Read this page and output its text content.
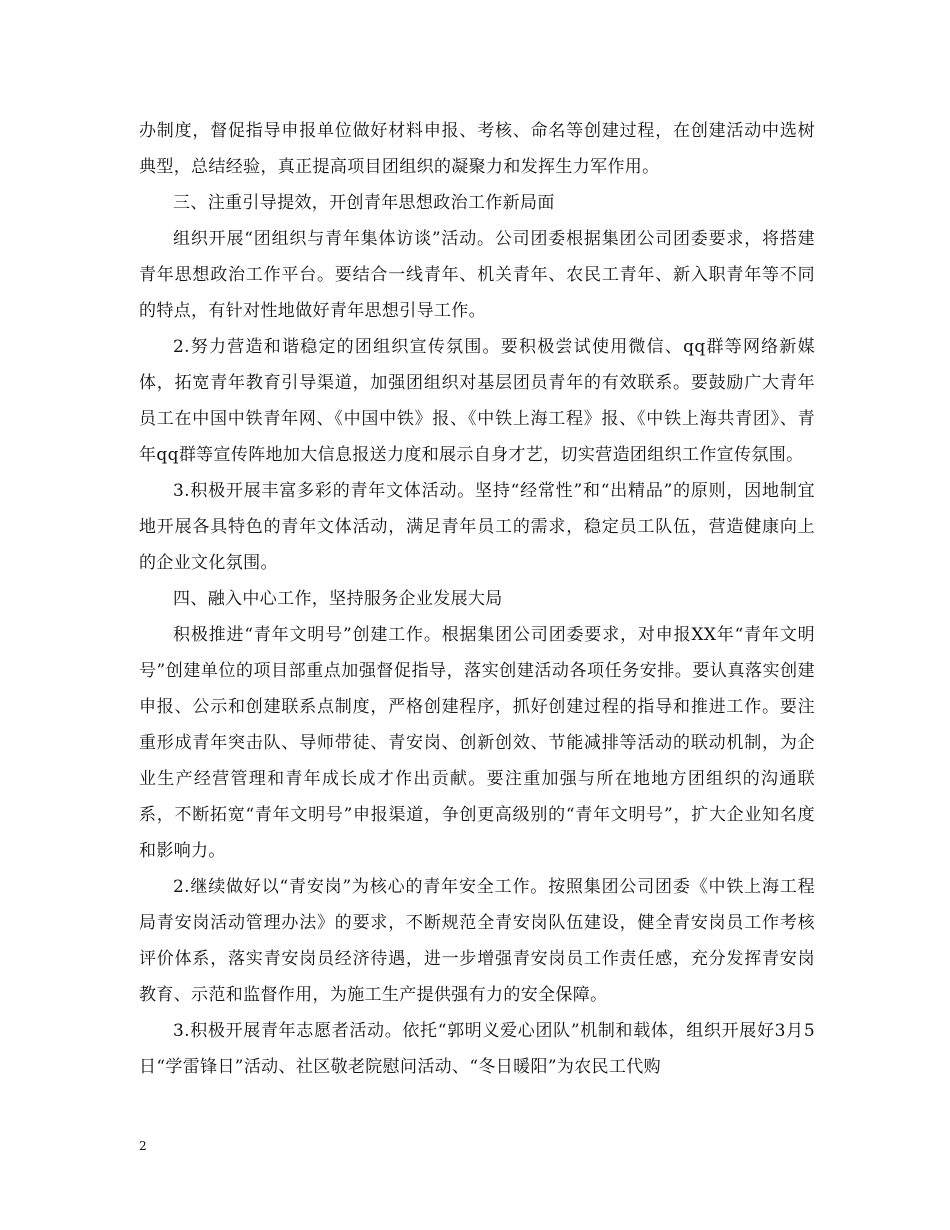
办制度，督促指导申报单位做好材料申报、考核、命名等创建过程，在创建活动中选树典型，总结经验，真正提高项目团组织的凝聚力和发挥生力军作用。

三、注重引导提效，开创青年思想政治工作新局面

组织开展“团组织与青年集体访谈”活动。公司团委根据集团公司团委要求，将搭建青年思想政治工作平台。要结合一线青年、机关青年、农民工青年、新入职青年等不同的特点，有针对性地做好青年思想引导工作。

2.努力营造和谐稳定的团组织宣传氛围。要积极尝试使用微信、qq群等网络新媒体，拓宽青年教育引导渠道，加强团组织对基层团员青年的有效联系。要鼓励广大青年员工在中国中铁青年网、《中国中铁》报、《中铁上海工程》报、《中铁上海共青团》、青年qq群等宣传阵地加大信息报送力度和展示自身才艺，切实营造团组织工作宣传氛围。

3.积极开展丰富多彩的青年文体活动。坚持“经常性”和“出精品”的原则，因地制宜地开展各具特色的青年文体活动，满足青年员工的需求，稳定员工队伍，营造健康向上的企业文化氛围。

四、融入中心工作，坚持服务企业发展大局

积极推进“青年文明号”创建工作。根据集团公司团委要求，对申报XX年“青年文明号”创建单位的项目部重点加强督促指导，落实创建活动各项任务安排。要认真落实创建申报、公示和创建联系点制度，严格创建程序，抓好创建过程的指导和推进工作。要注重形成青年突击队、导师带徒、青安岗、创新创效、节能减排等活动的联动机制，为企业生产经营管理和青年成长成才作出贡献。要注重加强与所在地地方团组织的沟通联系，不断拓宽“青年文明号”申报渠道，争创更高级别的“青年文明号”，扩大企业知名度和影响力。

2.继续做好以“青安岗”为核心的青年安全工作。按照集团公司团委《中铁上海工程局青安岗活动管理办法》的要求，不断规范全青安岗队伍建设，健全青安岗员工作考核评价体系，落实青安岗员经济待遇，进一步增强青安岗员工作责任感，充分发挥青安岗教育、示范和监督作用，为施工生产提供强有力的安全保障。

3.积极开展青年志愿者活动。依托“郭明义爱心团队”机制和载体，组织开展好3月5日“学雷锋日”活动、社区敬老院慰问活动、“冬日暖阳”为农民工代购

2
